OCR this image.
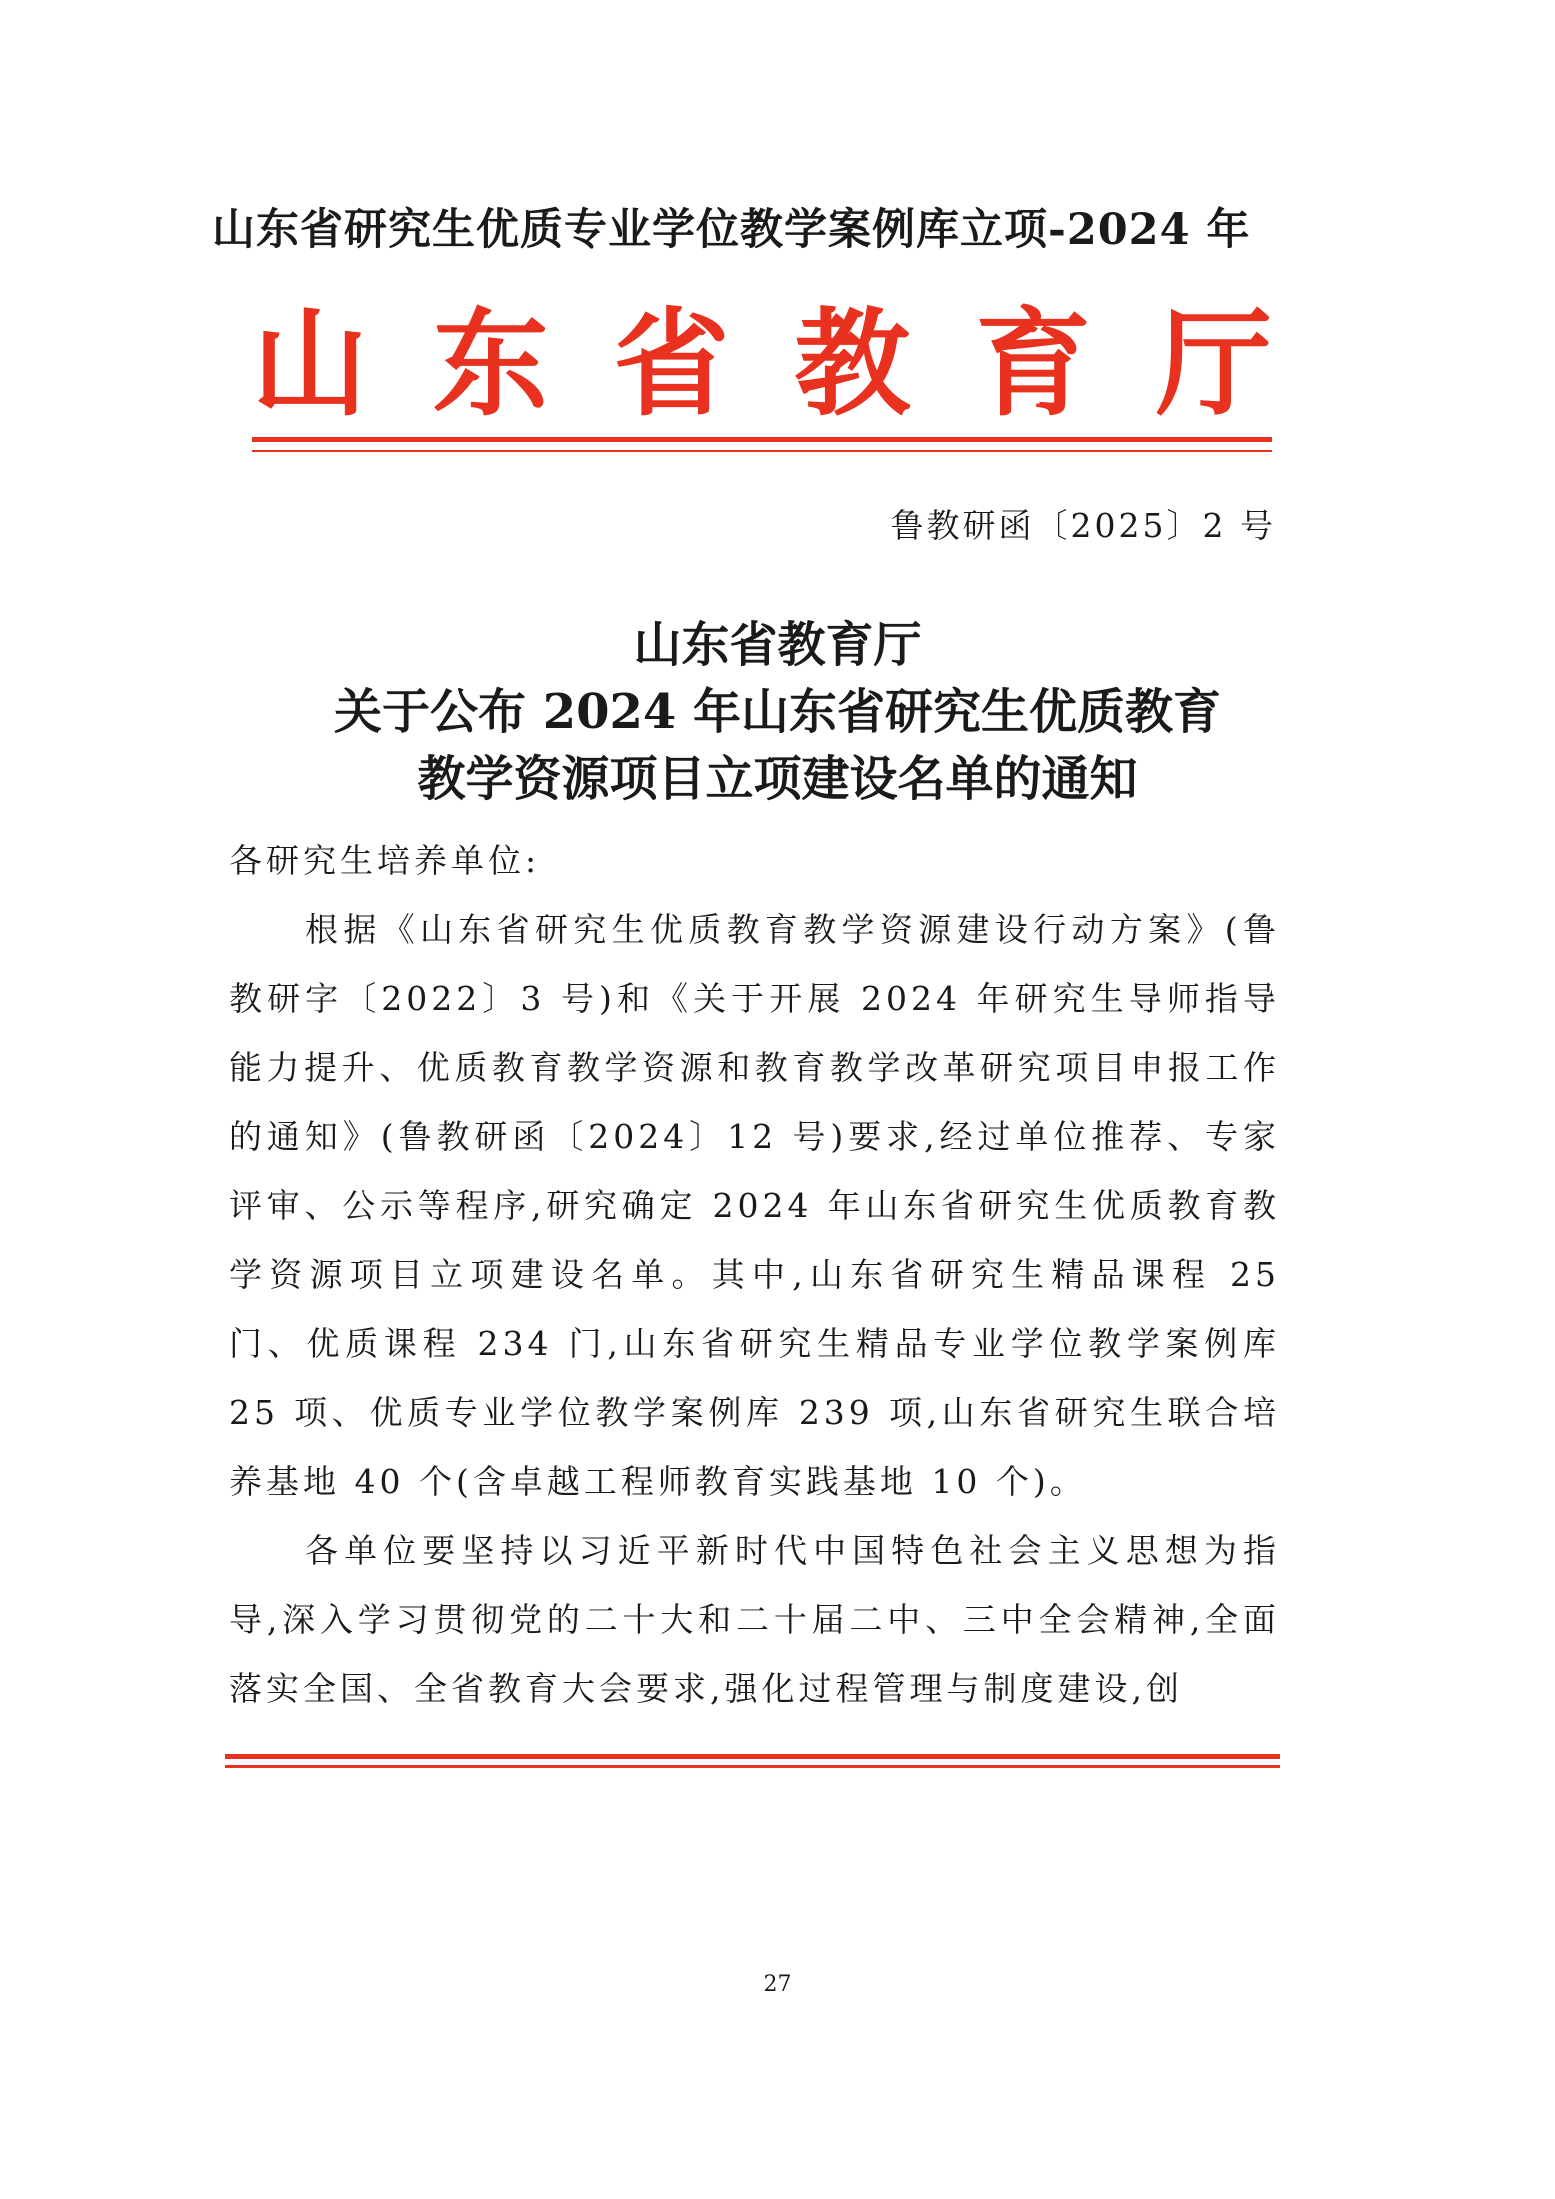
山东省研究生优质专业学位教学案例库立项-2024 年
山 东 省 教 育 厅
鲁教研函〔2025〕2 号
山东省教育厅
关于公布 2024 年山东省研究生优质教育
教学资源项目立项建设名单的通知

各研究生培养单位:

根据《山东省研究生优质教育教学资源建设行动方案》(鲁教研字〔2022〕3 号)和《关于开展 2024 年研究生导师指导能力提升、优质教育教学资源和教育教学改革研究项目申报工作的通知》(鲁教研函〔2024〕12 号)要求,经过单位推荐、专家评审、公示等程序,研究确定 2024 年山东省研究生优质教育教学资源项目立项建设名单。其中,山东省研究生精品课程 25 门、优质课程 234 门,山东省研究生精品专业学位教学案例库 25 项、优质专业学位教学案例库 239 项,山东省研究生联合培养基地 40 个(含卓越工程师教育实践基地 10 个)。

各单位要坚持以习近平新时代中国特色社会主义思想为指导,深入学习贯彻党的二十大和二十届二中、三中全会精神,全面落实全国、全省教育大会要求,强化过程管理与制度建设,创

27
